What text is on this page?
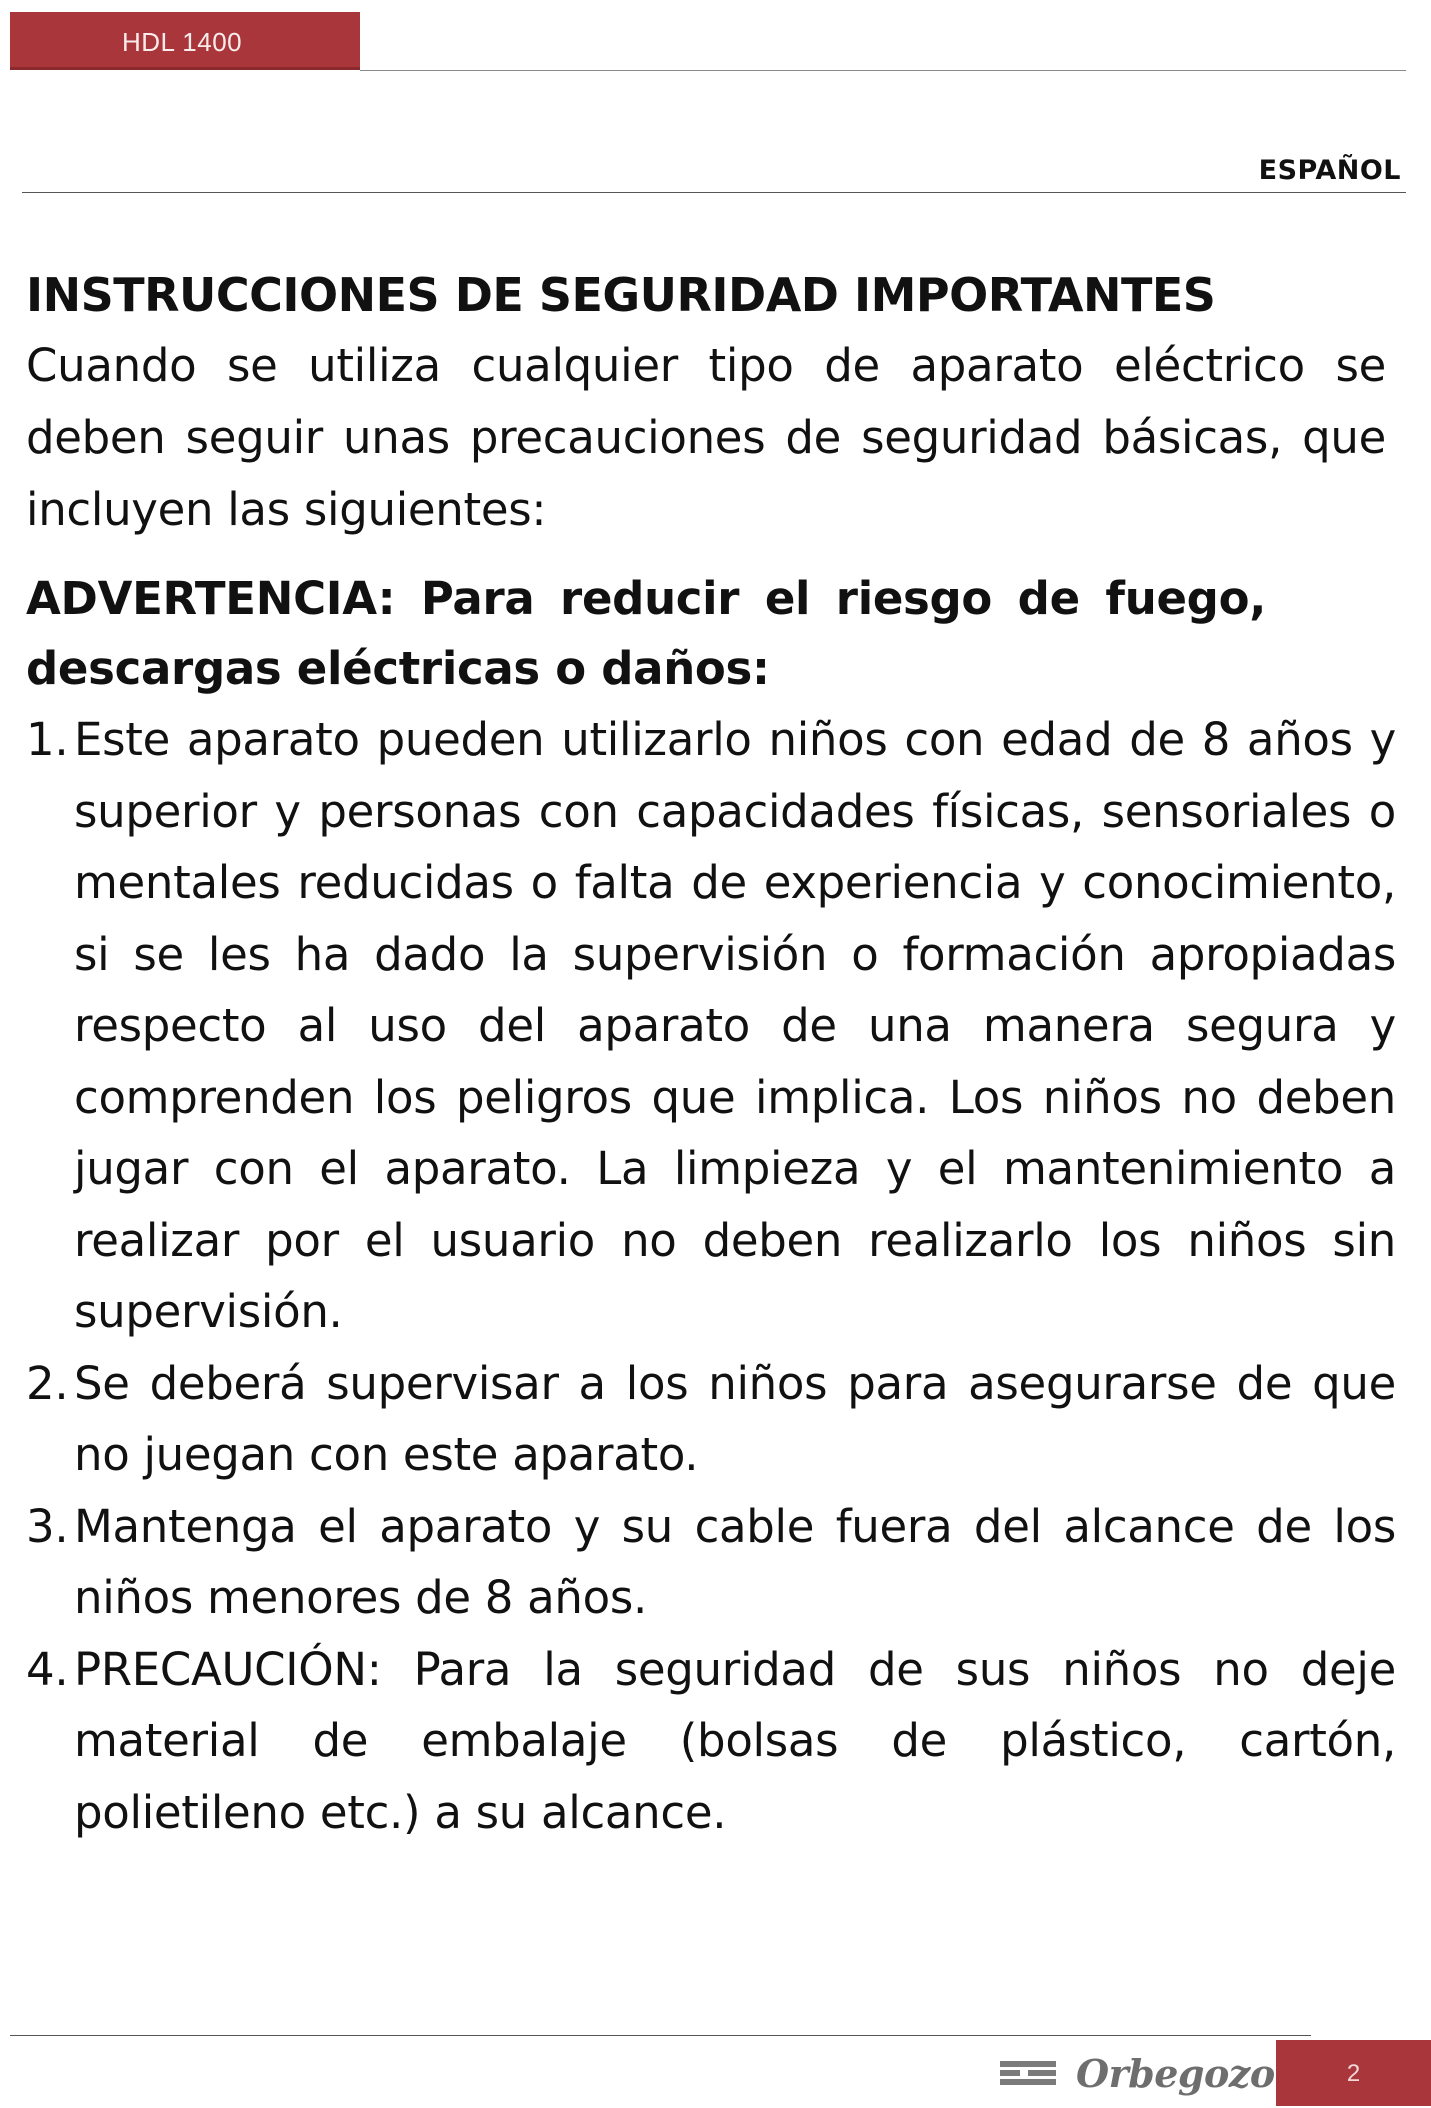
HDL 1400
ESPAÑOL
INSTRUCCIONES DE SEGURIDAD IMPORTANTES

Cuando se utiliza cualquier tipo de aparato eléctrico se deben seguir unas precauciones de seguridad básicas, que incluyen las siguientes:

ADVERTENCIA: Para reducir el riesgo de fuego, descargas eléctricas o daños:

1. Este aparato pueden utilizarlo niños con edad de 8 años y superior y personas con capacidades físicas, sensoriales o mentales reducidas o falta de experiencia y conocimiento, si se les ha dado la supervisión o formación apropiadas respecto al uso del aparato de una manera segura y comprenden los peligros que implica. Los niños no deben jugar con el aparato. La limpieza y el mantenimiento a realizar por el usuario no deben realizarlo los niños sin supervisión.
2. Se deberá supervisar a los niños para asegurarse de que no juegan con este aparato.
3. Mantenga el aparato y su cable fuera del alcance de los niños menores de 8 años.
4. PRECAUCIÓN: Para la seguridad de sus niños no deje material de embalaje (bolsas de plástico, cartón, polietileno etc.) a su alcance.
Orbegozo	2
